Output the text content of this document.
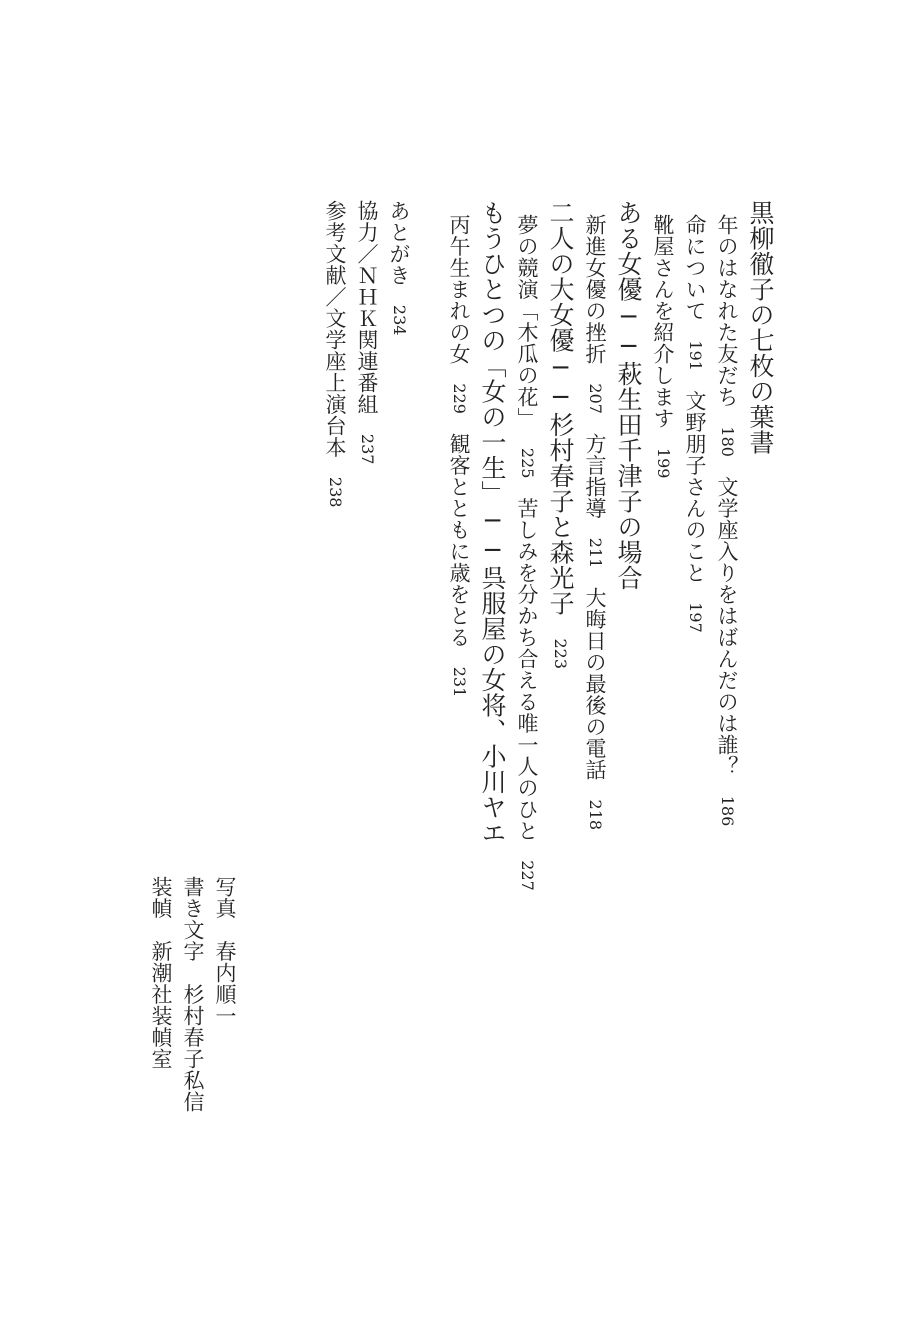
黒柳徹子の七枚の葉書
年のはなれた友だち180文学座入りをはばんだのは誰？186
命について191文野朋子さんのこと197
靴屋さんを紹介します199
ある女優──萩生田千津子の場合
新進女優の挫折207方言指導211大晦日の最後の電話218
二人の大女優──杉村春子と森光子223
夢の競演「木瓜の花」225苦しみを分かち合える唯一人のひと227
もうひとつの「女の一生」──呉服屋の女将、小川ヤエ
丙午生まれの女229観客とともに歳をとる231
あとがき234
協力／ＮＨＫ関連番組237
参考文献／文学座上演台本238
写真　春内順一
書き文字　杉村春子私信
装幀　新潮社装幀室
